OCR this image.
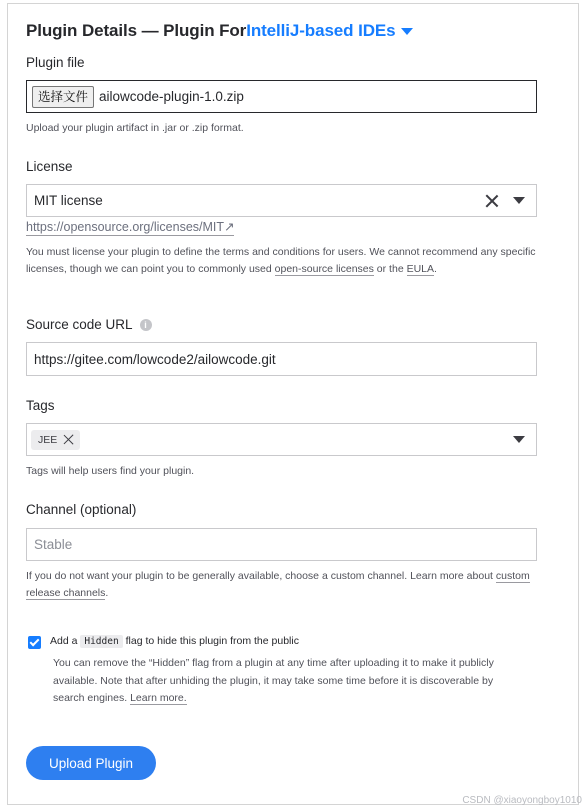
Plugin Details — Plugin For IntelliJ-based IDEs
Plugin file
选择文件 ailowcode-plugin-1.0.zip
Upload your plugin artifact in .jar or .zip format.
License
MIT license
https://opensource.org/licenses/MIT↗
You must license your plugin to define the terms and conditions for users. We cannot recommend any specific licenses, though we can point you to commonly used open-source licenses or the EULA.
Source code URL i
https://gitee.com/lowcode2/ailowcode.git
Tags
JEE
Tags will help users find your plugin.
Channel (optional)
Stable
If you do not want your plugin to be generally available, choose a custom channel. Learn more about custom release channels.
Add a Hidden flag to hide this plugin from the public
You can remove the “Hidden” flag from a plugin at any time after uploading it to make it publicly available. Note that after unhiding the plugin, it may take some time before it is discoverable by search engines. Learn more.
Upload Plugin
CSDN @xiaoyongboy1010
